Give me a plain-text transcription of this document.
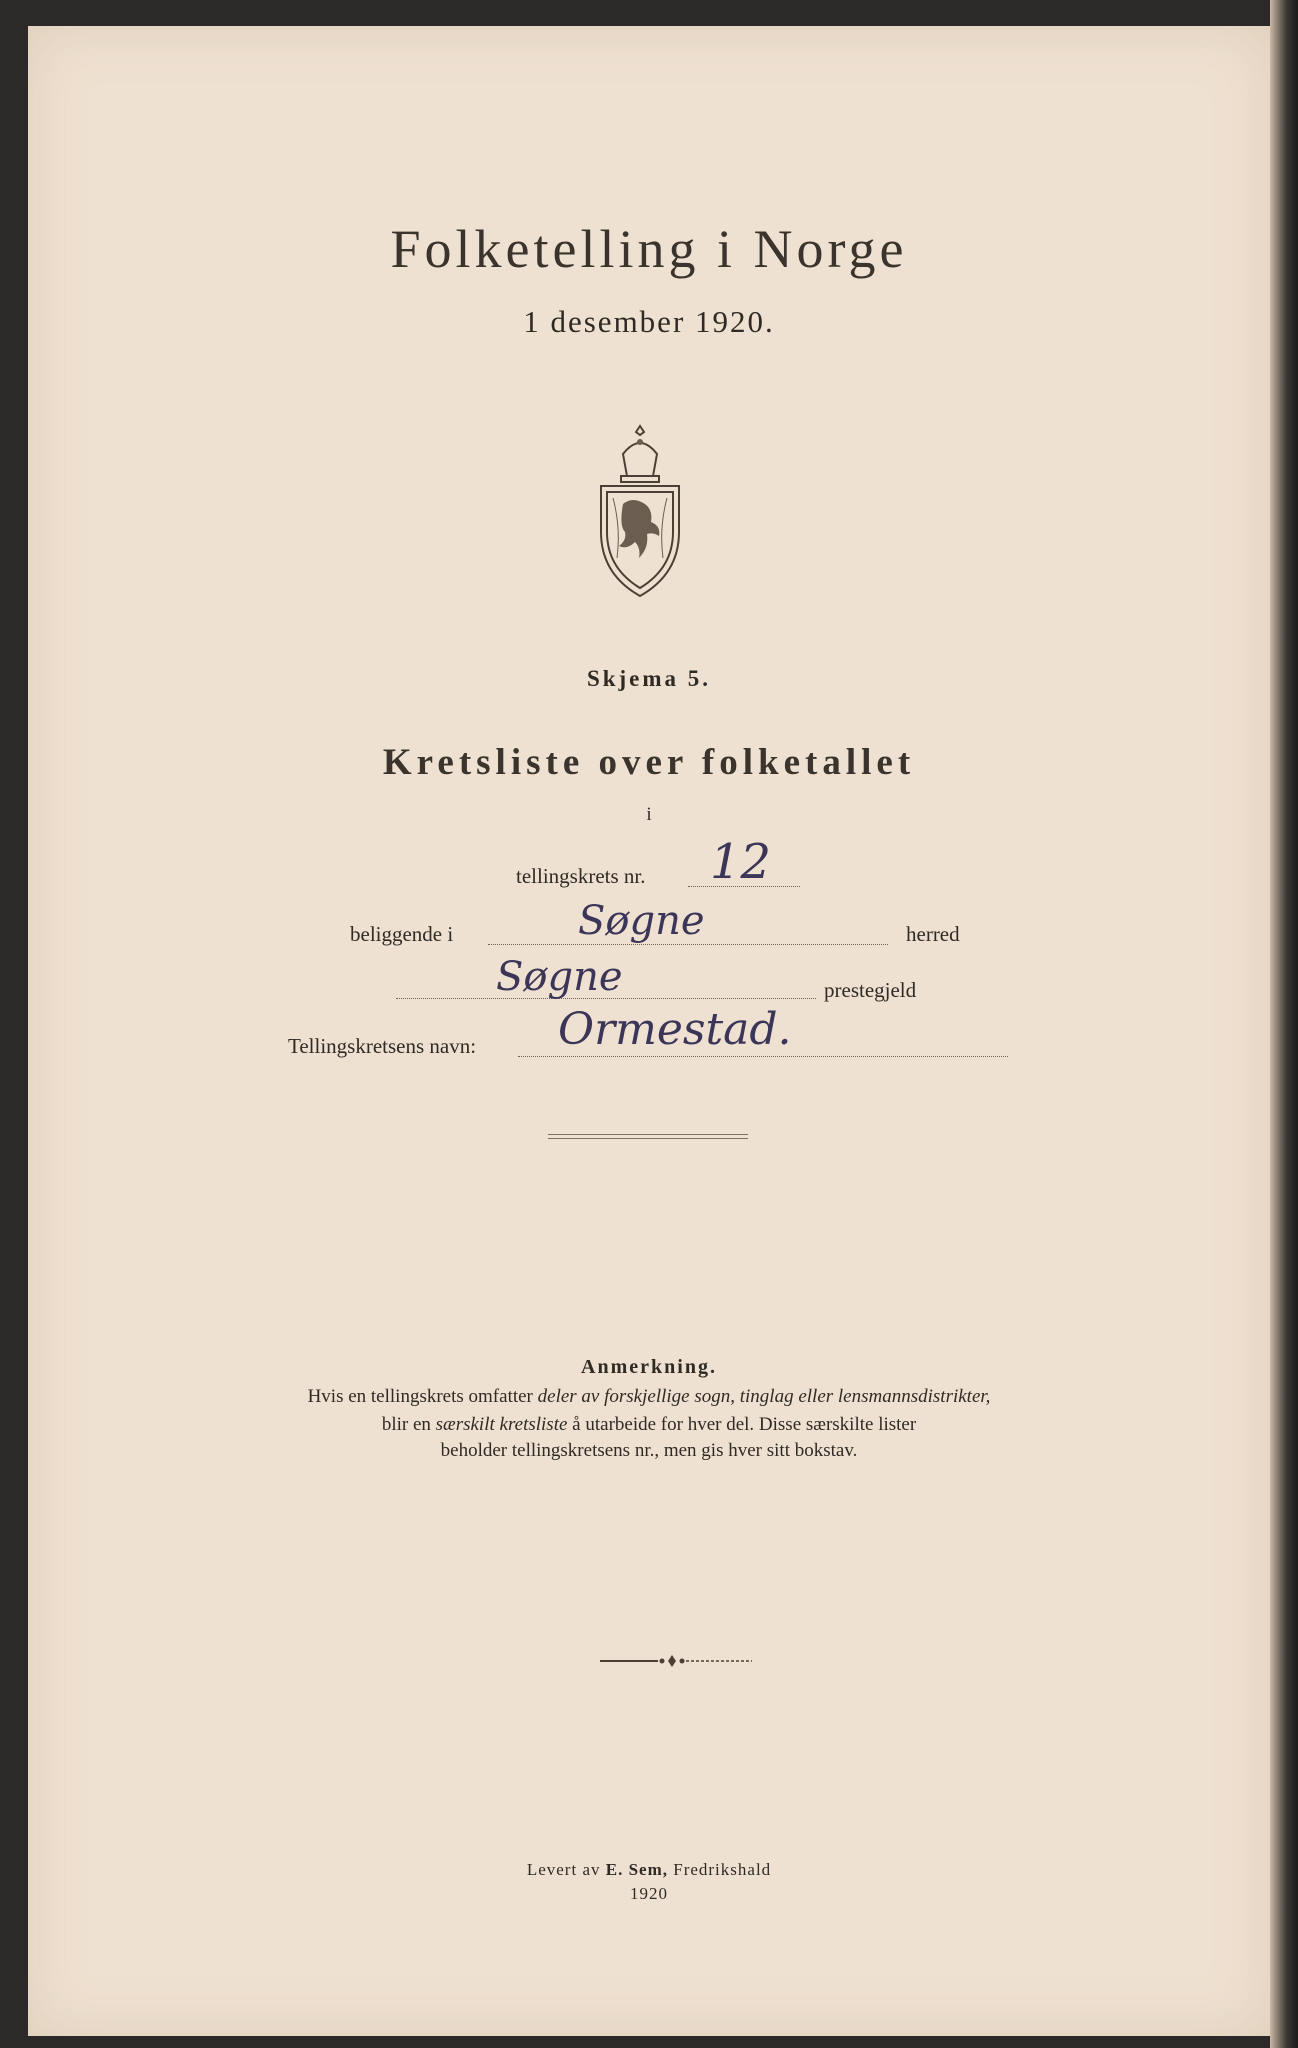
Folketelling i Norge
1 desember 1920.
Skjema 5.
Kretsliste over folketallet
i
tellingskrets nr. 12
beliggende i	Søgne	herred
Søgne	prestegjeld
Tellingskretsens navn: Ormestad.
Anmerkning.
Hvis en tellingskrets omfatter deler av forskjellige sogn, tinglag eller lensmannsdistrikter,
blir en særskilt kretsliste å utarbeide for hver del. Disse særskilte lister
beholder tellingskretsens nr., men gis hver sitt bokstav.
Levert av E. Sem, Fredrikshald
1920
